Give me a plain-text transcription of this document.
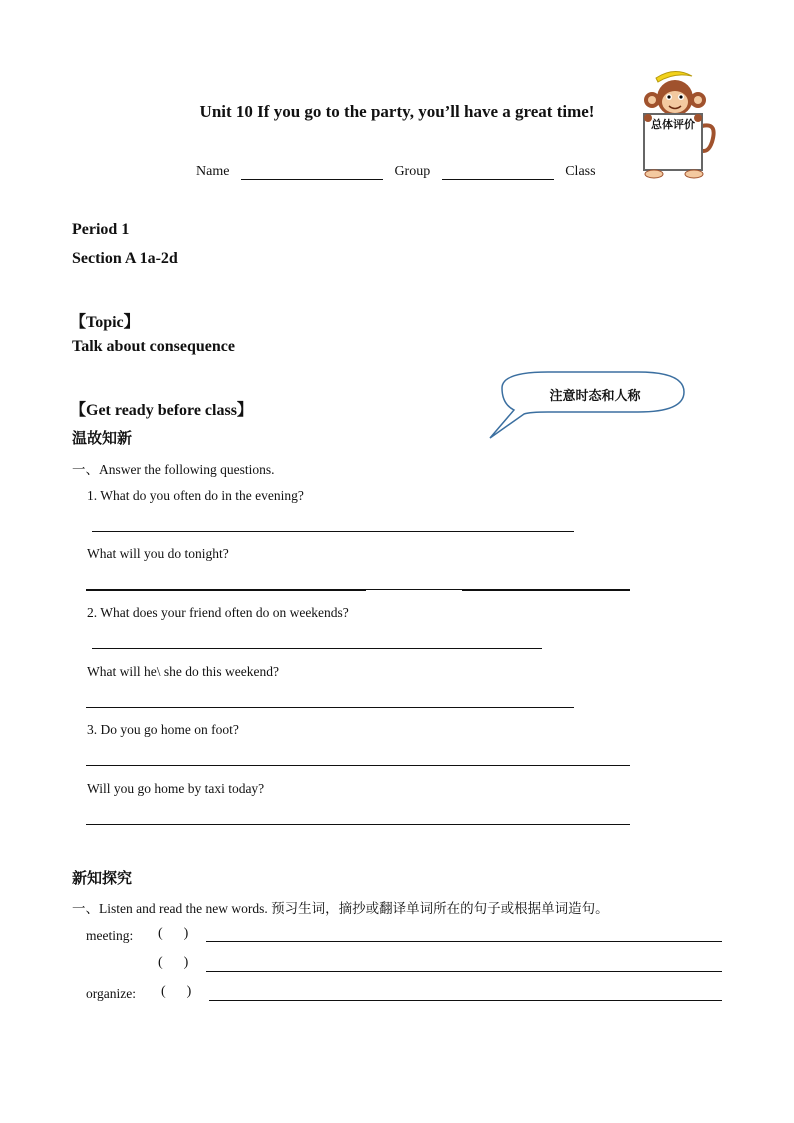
Unit 10 If you go to the party, you’ll have a great time!
总体评价
Name	Group	Class
Period 1
Section A 1a-2d
【Topic】
Talk about consequence
【Get ready before class】
注意时态和人称
温故知新
一、Answer the following questions.
1. What do you often do in the evening?
What will you do tonight?
2. What does your friend often do on weekends?
What will he\ she do this weekend?
3. Do you go home on foot?
Will you go home by taxi today?
新知探究
一、Listen and read the new words. 预习生词，摘抄或翻译单词所在的句子或根据单词造句。
meeting: (      )
(      )
organize: (      )
